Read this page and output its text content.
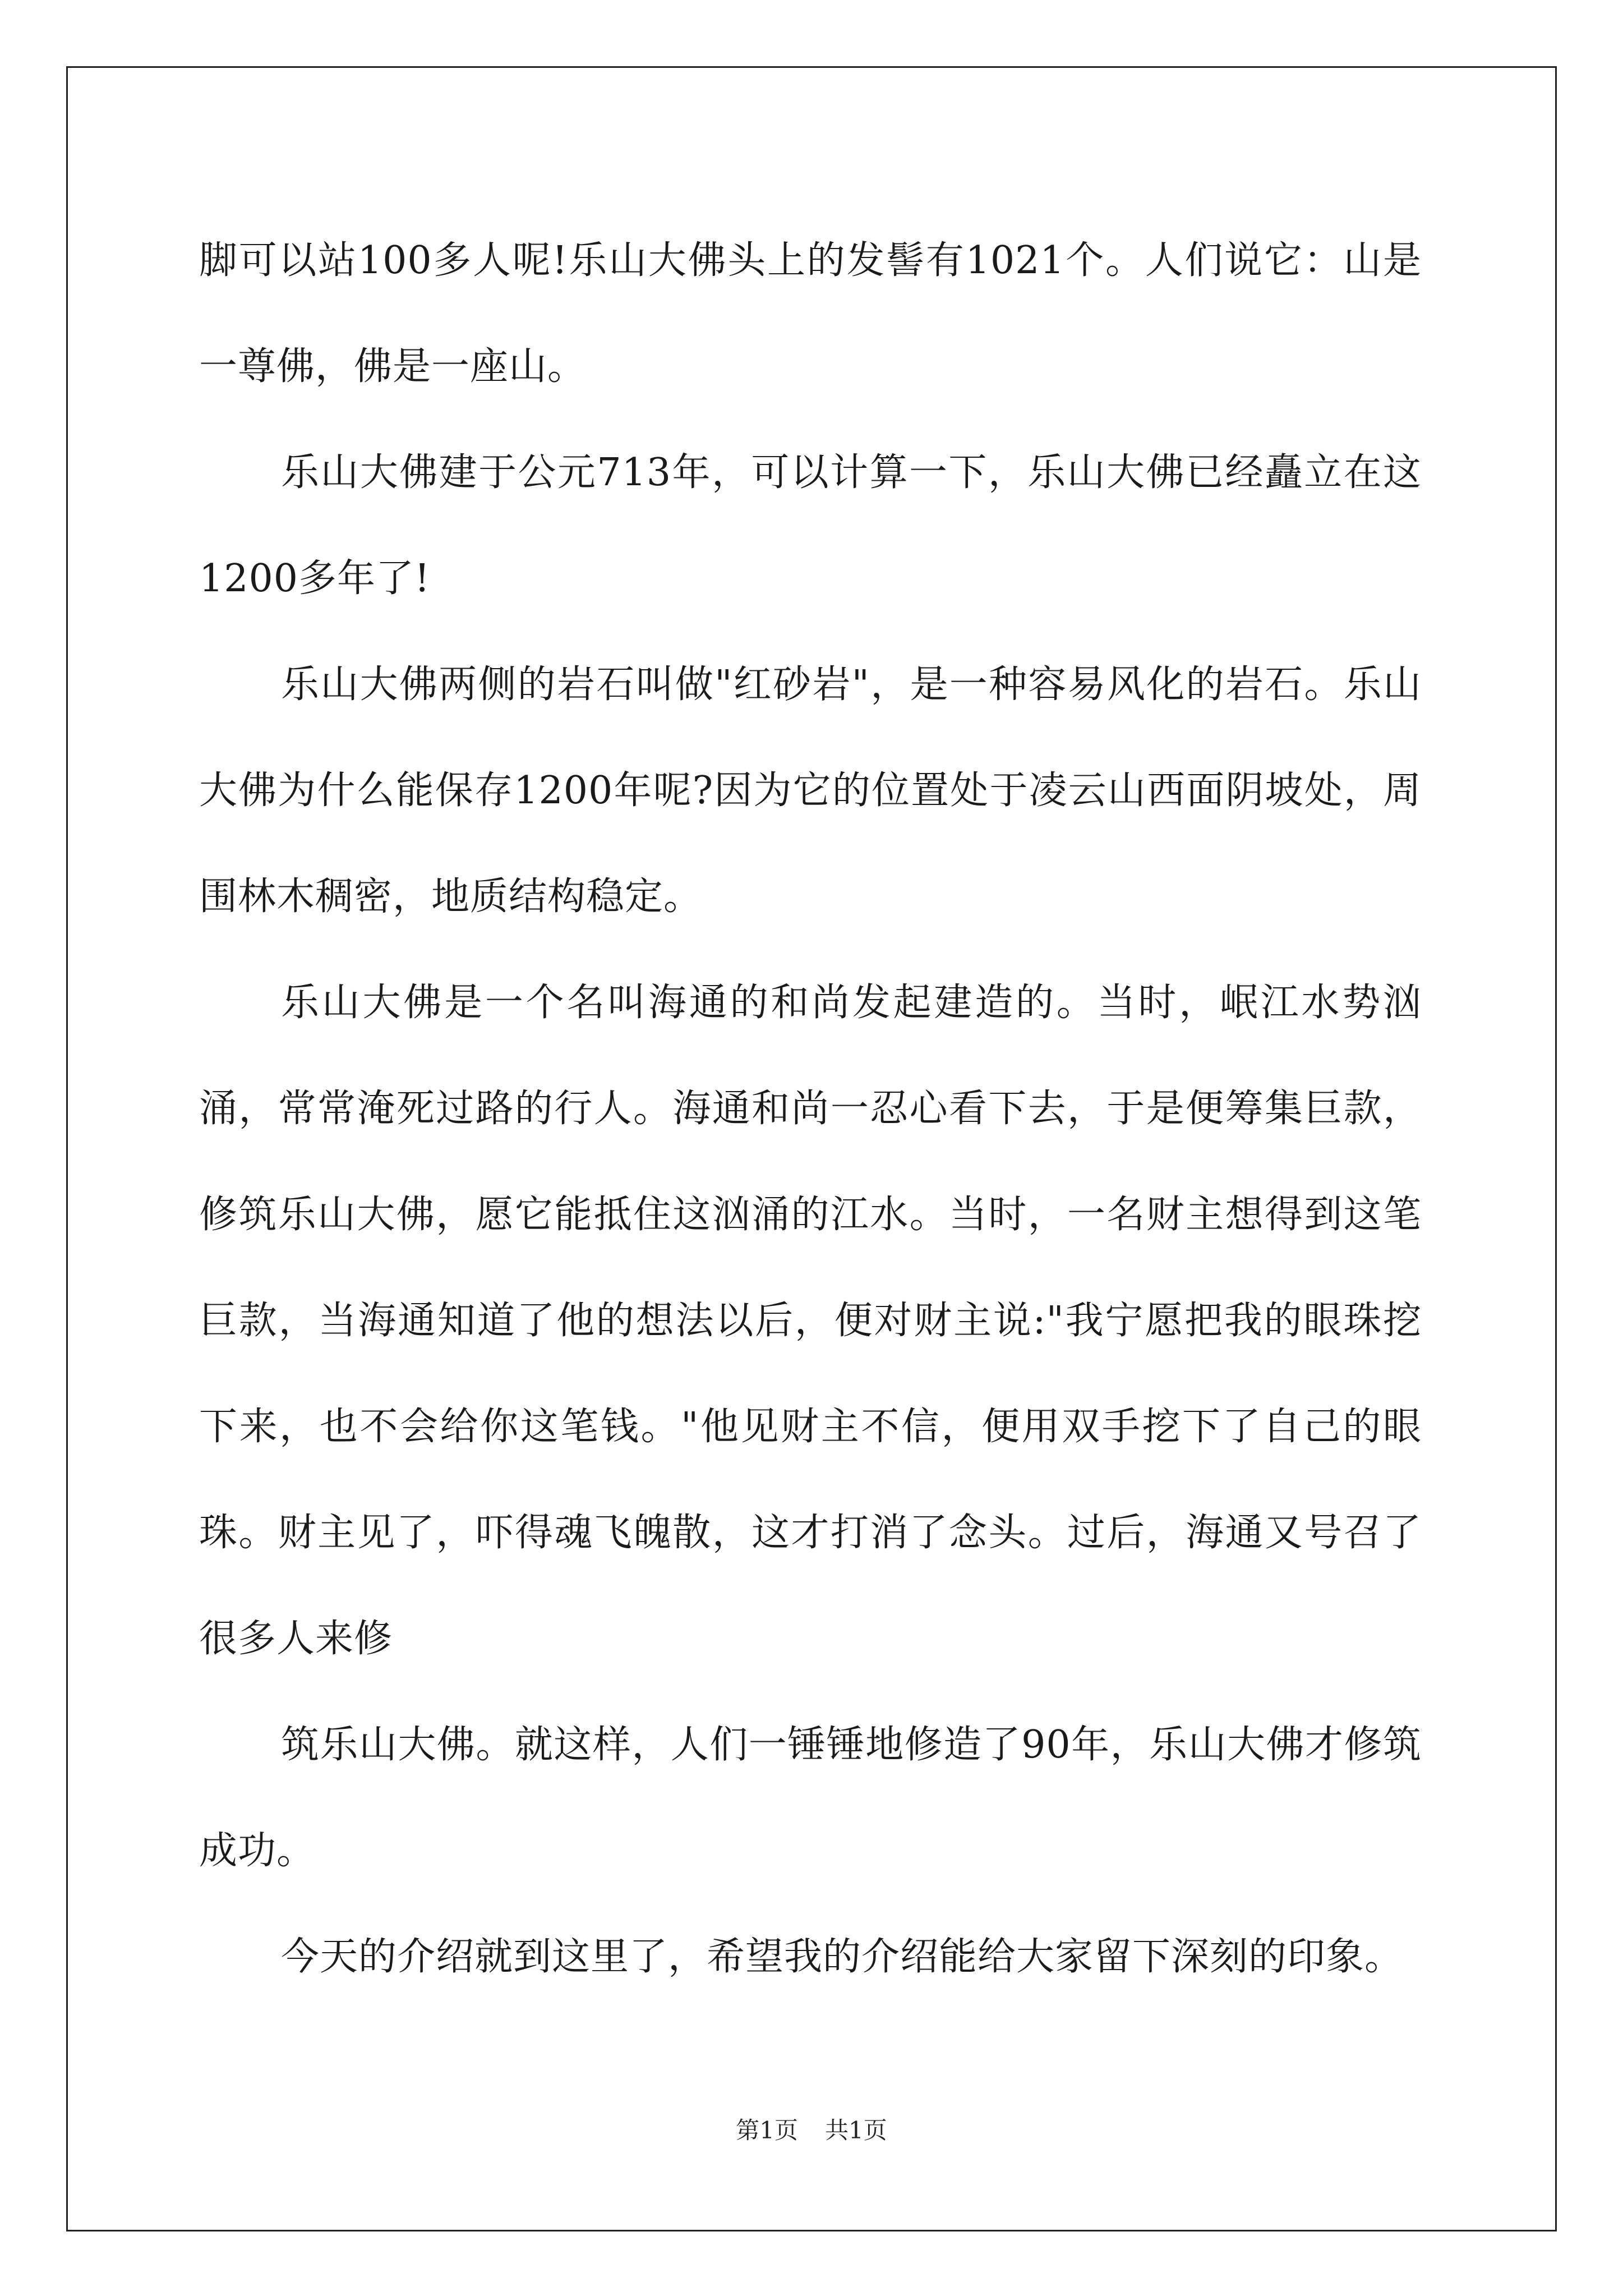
脚可以站100多人呢!乐山大佛头上的发髻有1021个。人们说它：山是一尊佛，佛是一座山。

乐山大佛建于公元713年，可以计算一下，乐山大佛已经矗立在这1200多年了!

乐山大佛两侧的岩石叫做"红砂岩"，是一种容易风化的岩石。乐山大佛为什么能保存1200年呢?因为它的位置处于凌云山西面阴坡处，周围林木稠密，地质结构稳定。

乐山大佛是一个名叫海通的和尚发起建造的。当时，岷江水势汹涌，常常淹死过路的行人。海通和尚一忍心看下去，于是便筹集巨款，修筑乐山大佛，愿它能抵住这汹涌的江水。当时，一名财主想得到这笔巨款，当海通知道了他的想法以后，便对财主说:"我宁愿把我的眼珠挖下来，也不会给你这笔钱。"他见财主不信，便用双手挖下了自己的眼珠。财主见了，吓得魂飞魄散，这才打消了念头。过后，海通又号召了很多人来修

筑乐山大佛。就这样，人们一锤锤地修造了90年，乐山大佛才修筑成功。

今天的介绍就到这里了，希望我的介绍能给大家留下深刻的印象。

第1页 共1页
